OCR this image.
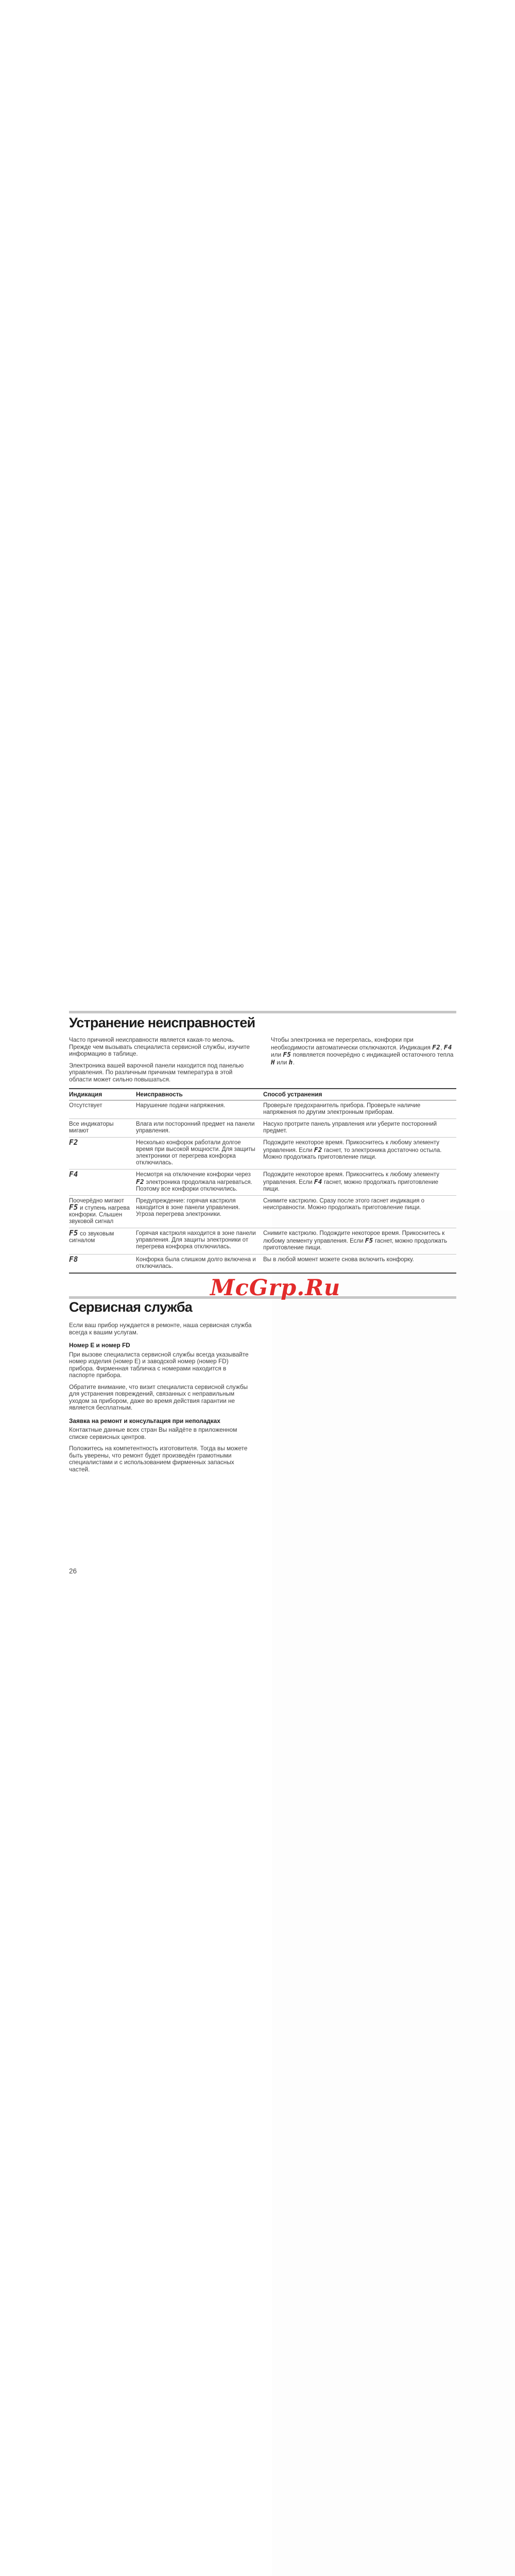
Устранение неисправностей

Часто причиной неисправности является какая-то мелочь. Прежде чем вызывать специалиста сервисной службы, изучите информацию в таблице.

Электроника вашей варочной панели находится под панелью управления. По различным причинам температура в этой области может сильно повышаться.

Чтобы электроника не перегрелась, конфорки при необходимости автоматически отключаются. Индикация F2, F4 или F5 появляется поочерёдно с индикацией остаточного тепла H или h.

Индикация	Неисправность	Способ устранения
Отсутствует	Нарушение подачи напряжения.	Проверьте предохранитель прибора. Проверьте наличие напряжения по другим электронным приборам.
Все индикаторы мигают	Влага или посторонний предмет на панели управления.	Насухо протрите панель управления или уберите посторонний предмет.
F2	Несколько конфорок работали долгое время при высокой мощности. Для защиты электроники от перегрева конфорка отключилась.	Подождите некоторое время. Прикоснитесь к любому элементу управления. Если F2 гаснет, то электроника достаточно остыла. Можно продолжать приготовление пищи.
F4	Несмотря на отключение конфорки через F2 электроника продолжала нагреваться. Поэтому все конфорки отключились.	Подождите некоторое время. Прикоснитесь к любому элементу управления. Если F4 гаснет, можно продолжать приготовление пищи.
Поочерёдно мигают F5 и ступень нагрева конфорки. Слышен звуковой сигнал	Предупреждение: горячая кастрюля находится в зоне панели управления. Угроза перегрева электроники.	Снимите кастрюлю. Сразу после этого гаснет индикация о неисправности. Можно продолжать приготовление пищи.
F5 со звуковым сигналом	Горячая кастрюля находится в зоне панели управления. Для защиты электроники от перегрева конфорка отключилась.	Снимите кастрюлю. Подождите некоторое время. Прикоснитесь к любому элементу управления. Если F5 гаснет, можно продолжать приготовление пищи.
F8	Конфорка была слишком долго включена и отключилась.	Вы в любой момент можете снова включить конфорку.
McGrp.Ru
Сервисная служба

Если ваш прибор нуждается в ремонте, наша сервисная служба всегда к вашим услугам.

Номер E и номер FD

При вызове специалиста сервисной службы всегда указывайте номер изделия (номер E) и заводской номер (номер FD) прибора. Фирменная табличка с номерами находится в паспорте прибора.

Обратите внимание, что визит специалиста сервисной службы для устранения повреждений, связанных с неправильным уходом за прибором, даже во время действия гарантии не является бесплатным.

Заявка на ремонт и консультация при неполадках

Контактные данные всех стран Вы найдёте в приложенном списке сервисных центров.

Положитесь на компетентность изготовителя. Тогда вы можете быть уверены, что ремонт будет произведён грамотными специалистами и с использованием фирменных запасных частей.

26
